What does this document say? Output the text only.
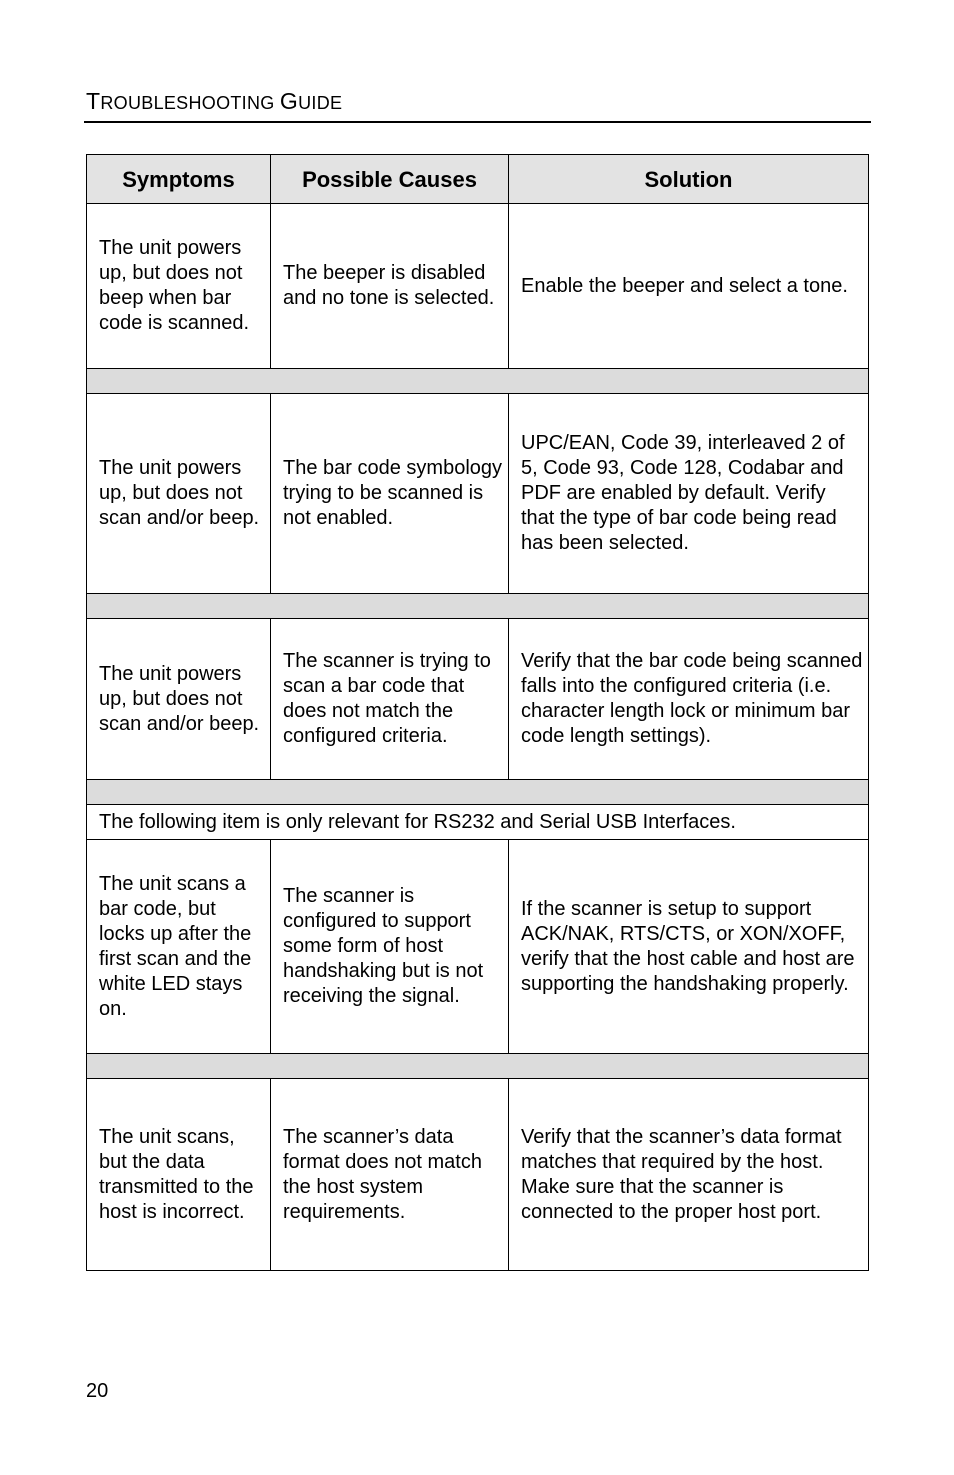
TROUBLESHOOTING GUIDE
Symptoms	Possible Causes	Solution
The unit powers up, but does not beep when bar code is scanned.	The beeper is disabled and no tone is selected.	Enable the beeper and select a tone.

The unit powers up, but does not scan and/or beep.	The bar code symbology trying to be scanned is not enabled.	UPC/EAN, Code 39, interleaved 2 of 5, Code 93, Code 128, Codabar and PDF are enabled by default. Verify that the type of bar code being read has been selected.

The unit powers up, but does not scan and/or beep.	The scanner is trying to scan a bar code that does not match the configured criteria.	Verify that the bar code being scanned falls into the configured criteria (i.e. character length lock or minimum bar code length settings).

The following item is only relevant for RS232 and Serial USB Interfaces.		
The unit scans a bar code, but locks up after the first scan and the white LED stays on.	The scanner is configured to support some form of host handshaking but is not receiving the signal.	If the scanner is setup to support ACK/NAK, RTS/CTS, or XON/XOFF, verify that the host cable and host are supporting the handshaking properly.

The unit scans, but the data transmitted to the host is incorrect.	The scanner’s data format does not match the host system requirements.	Verify that the scanner’s data format matches that required by the host. Make sure that the scanner is connected to the proper host port.
20
